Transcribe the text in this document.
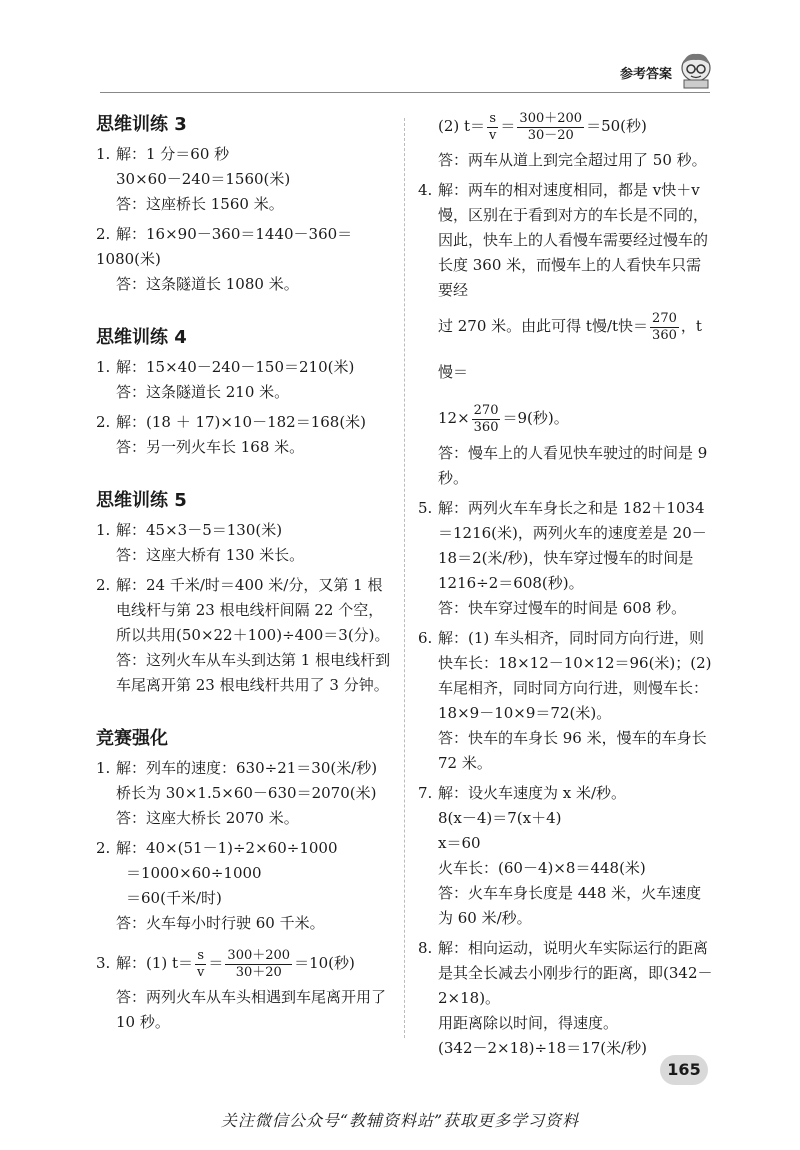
参考答案
思维训练 3
1. 解：1 分＝60 秒
30×60－240＝1560(米)
答：这座桥长 1560 米。
2. 解：16×90－360＝1440－360＝1080(米)
答：这条隧道长 1080 米。
思维训练 4
1. 解：15×40－240－150＝210(米)
答：这条隧道长 210 米。
2. 解：(18 ＋ 17)×10－182＝168(米)
答：另一列火车长 168 米。
思维训练 5
1. 解：45×3－5＝130(米)
答：这座大桥有 130 米长。
2. 解：24 千米/时＝400 米/分，又第 1 根电线杆与第 23 根电线杆间隔 22 个空，所以共用(50×22＋100)÷400＝3(分)。
答：这列火车从车头到达第 1 根电线杆到车尾离开第 23 根电线杆共用了 3 分钟。
竞赛强化
1. 解：列车的速度：630÷21＝30(米/秒)
桥长为 30×1.5×60－630＝2070(米)
答：这座大桥长 2070 米。
2. 解：40×(51－1)÷2×60÷1000
＝1000×60÷1000
＝60(千米/时)
答：火车每小时行驶 60 千米。
3. 解：(1) $t= \frac{s}{v} = \frac{300+200}{30+20} =10$(秒)
答：两列火车从车头相遇到车尾离开用了 10 秒。
(2) $t= \frac{s}{v} = \frac{300+200}{30-20} =50$(秒)
答：两车从道上到完全超过用了 50 秒。
4. 解：两车的相对速度相同，都是 v快＋v慢，区别在于看到对方的车长是不同的，因此，快车上的人看慢车需要经过慢车的长度 360 米，而慢车上的人看快车只需要经
过 270 米。由此可得 t慢/t快＝ $\frac{270}{360}$ ，t慢＝
$12\times \frac{270}{360} =9$(秒)。
答：慢车上的人看见快车驶过的时间是 9 秒。
5. 解：两列火车车身长之和是 182＋1034＝1216(米)，两列火车的速度差是 20－18＝2(米/秒)，快车穿过慢车的时间是 1216÷2＝608(秒)。
答：快车穿过慢车的时间是 608 秒。
6. 解：(1) 车头相齐，同时同方向行进，则快车长：18×12－10×12＝96(米)；(2) 车尾相齐，同时同方向行进，则慢车长：18×9－10×9＝72(米)。
答：快车的车身长 96 米，慢车的车身长 72 米。
7. 解：设火车速度为 x 米/秒。
8(x－4)＝7(x＋4)
x＝60
火车长：(60－4)×8＝448(米)
答：火车车身长度是 448 米，火车速度为 60 米/秒。
8. 解：相向运动，说明火车实际运行的距离是其全长减去小刚步行的距离，即(342－2×18)。
用距离除以时间，得速度。
(342－2×18)÷18＝17(米/秒)
165
关注微信公众号“教辅资料站”获取更多学习资料
